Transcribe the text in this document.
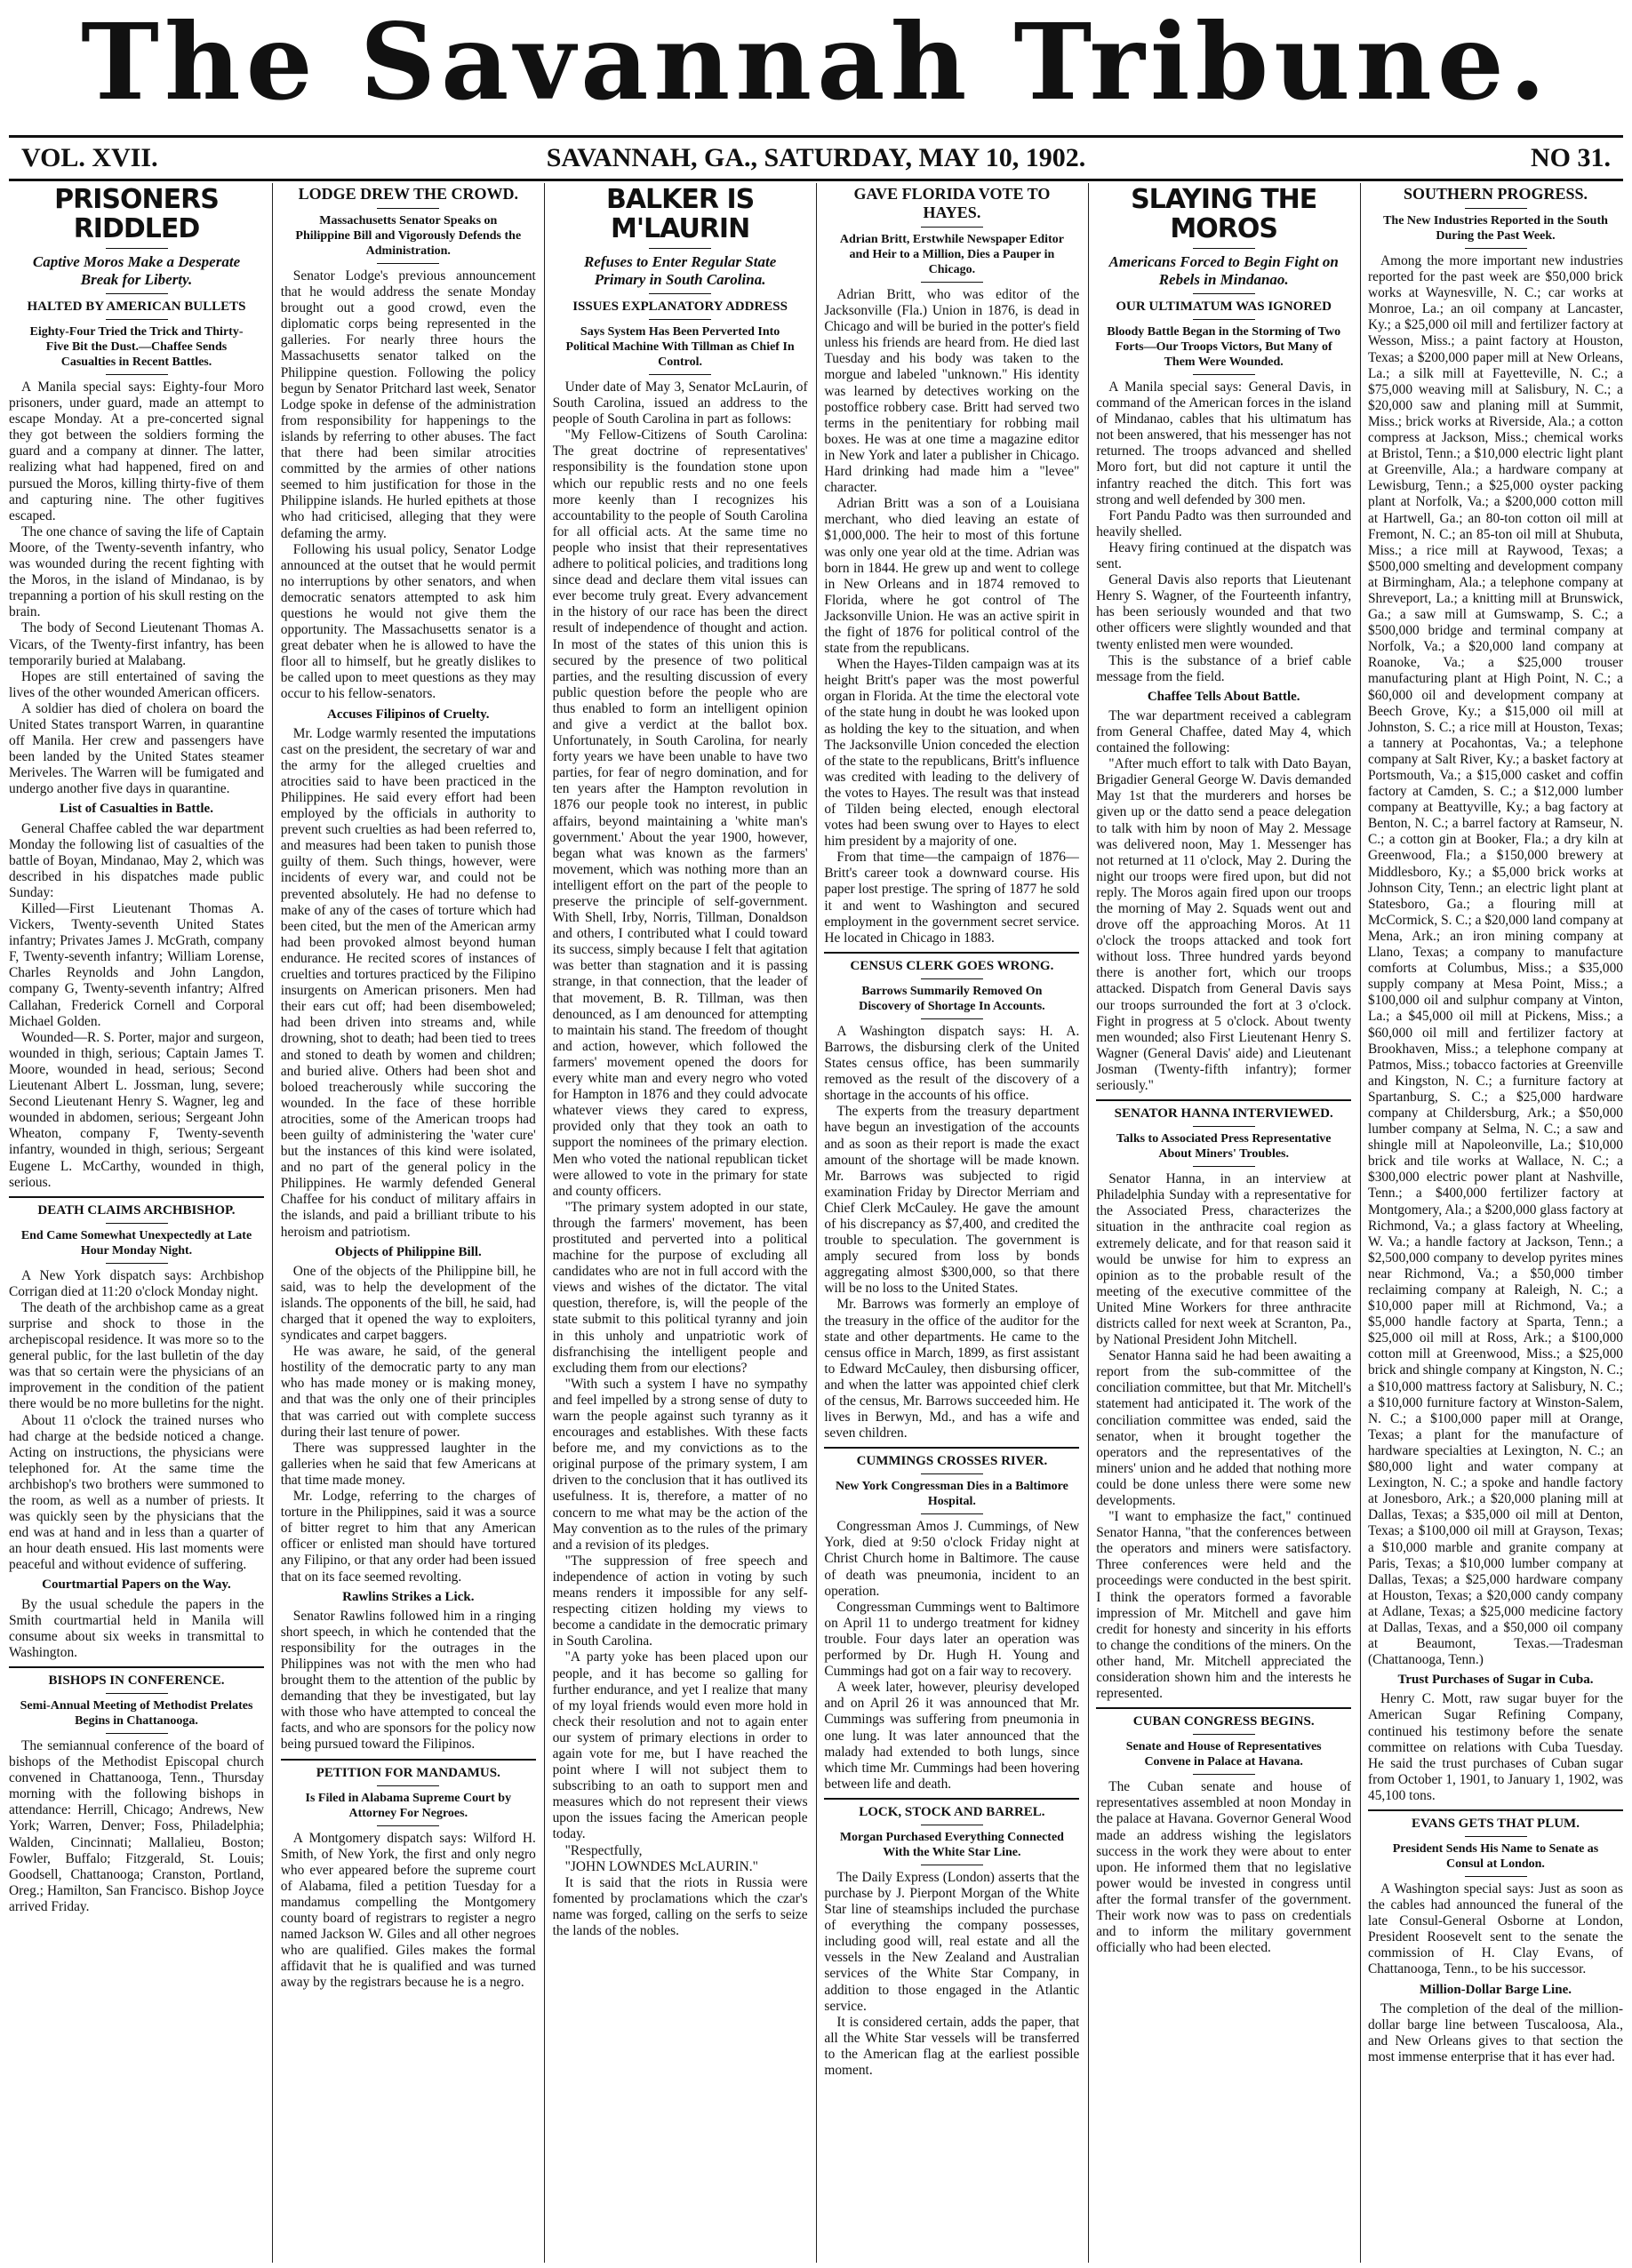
The Savannah Tribune.
VOL. XVII.	SAVANNAH, GA., SATURDAY, MAY 10, 1902.	NO 31.
PRISONERS RIDDLED
Captive Moros Make a Desperate Break for Liberty.
HALTED BY AMERICAN BULLETS
Eighty-Four Tried the Trick and Thirty-Five Bit the Dust.—Chaffee Sends Casualties in Recent Battles.

A Manila special says: Eighty-four Moro prisoners, under guard, made an attempt to escape Monday. At a pre-concerted signal they got between the soldiers forming the guard and a company at dinner. The latter, realizing what had happened, fired on and pursued the Moros, killing thirty-five of them and capturing nine. The other fugitives escaped.

The one chance of saving the life of Captain Moore, of the Twenty-seventh infantry, who was wounded during the recent fighting with the Moros, in the island of Mindanao, is by trepanning a portion of his skull resting on the brain.

The body of Second Lieutenant Thomas A. Vicars, of the Twenty-first infantry, has been temporarily buried at Malabang.

Hopes are still entertained of saving the lives of the other wounded American officers.

A soldier has died of cholera on board the United States transport Warren, in quarantine off Manila. Her crew and passengers have been landed by the United States steamer Meriveles. The Warren will be fumigated and undergo another five days in quarantine.

List of Casualties in Battle.

General Chaffee cabled the war department Monday the following list of casualties of the battle of Boyan, Mindanao, May 2, which was described in his dispatches made public Sunday:

Killed—First Lieutenant Thomas A. Vickers, Twenty-seventh United States infantry; Privates James J. McGrath, company F, Twenty-seventh infantry; William Lorense, Charles Reynolds and John Langdon, company G, Twenty-seventh infantry; Alfred Callahan, Frederick Cornell and Corporal Michael Golden.

Wounded—R. S. Porter, major and surgeon, wounded in thigh, serious; Captain James T. Moore, wounded in head, serious; Second Lieutenant Albert L. Jossman, lung, severe; Second Lieutenant Henry S. Wagner, leg and wounded in abdomen, serious; Sergeant John Wheaton, company F, Twenty-seventh infantry, wounded in thigh, serious; Sergeant Eugene L. McCarthy, wounded in thigh, serious.

DEATH CLAIMS ARCHBISHOP.
End Came Somewhat Unexpectedly at Late Hour Monday Night.

A New York dispatch says: Archbishop Corrigan died at 11:20 o'clock Monday night.

The death of the archbishop came as a great surprise and shock to those in the archepiscopal residence. It was more so to the general public, for the last bulletin of the day was that so certain were the physicians of an improvement in the condition of the patient there would be no more bulletins for the night.

About 11 o'clock the trained nurses who had charge at the bedside noticed a change. Acting on instructions, the physicians were telephoned for. At the same time the archbishop's two brothers were summoned to the room, as well as a number of priests. It was quickly seen by the physicians that the end was at hand and in less than a quarter of an hour death ensued. His last moments were peaceful and without evidence of suffering.

Courtmartial Papers on the Way.

By the usual schedule the papers in the Smith courtmartial held in Manila will consume about six weeks in transmittal to Washington.

BISHOPS IN CONFERENCE.
Semi-Annual Meeting of Methodist Prelates Begins in Chattanooga.

The semiannual conference of the board of bishops of the Methodist Episcopal church convened in Chattanooga, Tenn., Thursday morning with the following bishops in attendance: Herrill, Chicago; Andrews, New York; Warren, Denver; Foss, Philadelphia; Walden, Cincinnati; Mallalieu, Boston; Fowler, Buffalo; Fitzgerald, St. Louis; Goodsell, Chattanooga; Cranston, Portland, Oreg.; Hamilton, San Francisco. Bishop Joyce arrived Friday.

LODGE DREW THE CROWD.
Massachusetts Senator Speaks on Philippine Bill and Vigorously Defends the Administration.

Senator Lodge's previous announcement that he would address the senate Monday brought out a good crowd, even the diplomatic corps being represented in the galleries. For nearly three hours the Massachusetts senator talked on the Philippine question. Following the policy begun by Senator Pritchard last week, Senator Lodge spoke in defense of the administration from responsibility for happenings to the islands by referring to other abuses. The fact that there had been similar atrocities committed by the armies of other nations seemed to him justification for those in the Philippine islands. He hurled epithets at those who had criticised, alleging that they were defaming the army.

Following his usual policy, Senator Lodge announced at the outset that he would permit no interruptions by other senators, and when democratic senators attempted to ask him questions he would not give them the opportunity. The Massachusetts senator is a great debater when he is allowed to have the floor all to himself, but he greatly dislikes to be called upon to meet questions as they may occur to his fellow-senators.

Accuses Filipinos of Cruelty.

Mr. Lodge warmly resented the imputations cast on the president, the secretary of war and the army for the alleged cruelties and atrocities said to have been practiced in the Philippines. He said every effort had been employed by the officials in authority to prevent such cruelties as had been referred to, and measures had been taken to punish those guilty of them. Such things, however, were incidents of every war, and could not be prevented absolutely. He had no defense to make of any of the cases of torture which had been cited, but the men of the American army had been provoked almost beyond human endurance. He recited scores of instances of cruelties and tortures practiced by the Filipino insurgents on American prisoners. Men had their ears cut off; had been disemboweled; had been driven into streams and, while drowning, shot to death; had been tied to trees and stoned to death by women and children; and buried alive. Others had been shot and boloed treacherously while succoring the wounded. In the face of these horrible atrocities, some of the American troops had been guilty of administering the 'water cure' but the instances of this kind were isolated, and no part of the general policy in the Philippines. He warmly defended General Chaffee for his conduct of military affairs in the islands, and paid a brilliant tribute to his heroism and patriotism.

Objects of Philippine Bill.

One of the objects of the Philippine bill, he said, was to help the development of the islands. The opponents of the bill, he said, had charged that it opened the way to exploiters, syndicates and carpet baggers.

He was aware, he said, of the general hostility of the democratic party to any man who has made money or is making money, and that was the only one of their principles that was carried out with complete success during their last tenure of power.

There was suppressed laughter in the galleries when he said that few Americans at that time made money.

Mr. Lodge, referring to the charges of torture in the Philippines, said it was a source of bitter regret to him that any American officer or enlisted man should have tortured any Filipino, or that any order had been issued that on its face seemed revolting.

Rawlins Strikes a Lick.

Senator Rawlins followed him in a ringing short speech, in which he contended that the responsibility for the outrages in the Philippines was not with the men who had brought them to the attention of the public by demanding that they be investigated, but lay with those who have attempted to conceal the facts, and who are sponsors for the policy now being pursued toward the Filipinos.

PETITION FOR MANDAMUS.
Is Filed in Alabama Supreme Court by Attorney For Negroes.

A Montgomery dispatch says: Wilford H. Smith, of New York, the first and only negro who ever appeared before the supreme court of Alabama, filed a petition Tuesday for a mandamus compelling the Montgomery county board of registrars to register a negro named Jackson W. Giles and all other negroes who are qualified. Giles makes the formal affidavit that he is qualified and was turned away by the registrars because he is a negro.

BALKER IS M'LAURIN
Refuses to Enter Regular State Primary in South Carolina.
ISSUES EXPLANATORY ADDRESS
Says System Has Been Perverted Into Political Machine With Tillman as Chief In Control.

Under date of May 3, Senator McLaurin, of South Carolina, issued an address to the people of South Carolina in part as follows:

"My Fellow-Citizens of South Carolina: The great doctrine of representatives' responsibility is the foundation stone upon which our republic rests and no one feels more keenly than I recognizes his accountability to the people of South Carolina for all official acts. At the same time no people who insist that their representatives adhere to political policies, and traditions long since dead and declare them vital issues can ever become truly great. Every advancement in the history of our race has been the direct result of independence of thought and action. In most of the states of this union this is secured by the presence of two political parties, and the resulting discussion of every public question before the people who are thus enabled to form an intelligent opinion and give a verdict at the ballot box. Unfortunately, in South Carolina, for nearly forty years we have been unable to have two parties, for fear of negro domination, and for ten years after the Hampton revolution in 1876 our people took no interest, in public affairs, beyond maintaining a 'white man's government.' About the year 1900, however, began what was known as the farmers' movement, which was nothing more than an intelligent effort on the part of the people to preserve the principle of self-government. With Shell, Irby, Norris, Tillman, Donaldson and others, I contributed what I could toward its success, simply because I felt that agitation was better than stagnation and it is passing strange, in that connection, that the leader of that movement, B. R. Tillman, was then denounced, as I am denounced for attempting to maintain his stand. The freedom of thought and action, however, which followed the farmers' movement opened the doors for every white man and every negro who voted for Hampton in 1876 and they could advocate whatever views they cared to express, provided only that they took an oath to support the nominees of the primary election. Men who voted the national republican ticket were allowed to vote in the primary for state and county officers.

"The primary system adopted in our state, through the farmers' movement, has been prostituted and perverted into a political machine for the purpose of excluding all candidates who are not in full accord with the views and wishes of the dictator. The vital question, therefore, is, will the people of the state submit to this political tyranny and join in this unholy and unpatriotic work of disfranchising the intelligent people and excluding them from our elections?

"With such a system I have no sympathy and feel impelled by a strong sense of duty to warn the people against such tyranny as it encourages and establishes. With these facts before me, and my convictions as to the original purpose of the primary system, I am driven to the conclusion that it has outlived its usefulness. It is, therefore, a matter of no concern to me what may be the action of the May convention as to the rules of the primary and a revision of its pledges.

"The suppression of free speech and independence of action in voting by such means renders it impossible for any self-respecting citizen holding my views to become a candidate in the democratic primary in South Carolina.

"A party yoke has been placed upon our people, and it has become so galling for further endurance, and yet I realize that many of my loyal friends would even more hold in check their resolution and not to again enter our system of primary elections in order to again vote for me, but I have reached the point where I will not subject them to subscribing to an oath to support men and measures which do not represent their views upon the issues facing the American people today.

"Respectfully,

"JOHN LOWNDES McLAURIN."

It is said that the riots in Russia were fomented by proclamations which the czar's name was forged, calling on the serfs to seize the lands of the nobles.

GAVE FLORIDA VOTE TO HAYES.
Adrian Britt, Erstwhile Newspaper Editor and Heir to a Million, Dies a Pauper in Chicago.

Adrian Britt, who was editor of the Jacksonville (Fla.) Union in 1876, is dead in Chicago and will be buried in the potter's field unless his friends are heard from. He died last Tuesday and his body was taken to the morgue and labeled "unknown." His identity was learned by detectives working on the postoffice robbery case. Britt had served two terms in the penitentiary for robbing mail boxes. He was at one time a magazine editor in New York and later a publisher in Chicago. Hard drinking had made him a "levee" character.

Adrian Britt was a son of a Louisiana merchant, who died leaving an estate of $1,000,000. The heir to most of this fortune was only one year old at the time. Adrian was born in 1844. He grew up and went to college in New Orleans and in 1874 removed to Florida, where he got control of The Jacksonville Union. He was an active spirit in the fight of 1876 for political control of the state from the republicans.

When the Hayes-Tilden campaign was at its height Britt's paper was the most powerful organ in Florida. At the time the electoral vote of the state hung in doubt he was looked upon as holding the key to the situation, and when The Jacksonville Union conceded the election of the state to the republicans, Britt's influence was credited with leading to the delivery of the votes to Hayes. The result was that instead of Tilden being elected, enough electoral votes had been swung over to Hayes to elect him president by a majority of one.

From that time—the campaign of 1876—Britt's career took a downward course. His paper lost prestige. The spring of 1877 he sold it and went to Washington and secured employment in the government secret service. He located in Chicago in 1883.

CENSUS CLERK GOES WRONG.
Barrows Summarily Removed On Discovery of Shortage In Accounts.

A Washington dispatch says: H. A. Barrows, the disbursing clerk of the United States census office, has been summarily removed as the result of the discovery of a shortage in the accounts of his office.

The experts from the treasury department have begun an investigation of the accounts and as soon as their report is made the exact amount of the shortage will be made known. Mr. Barrows was subjected to rigid examination Friday by Director Merriam and Chief Clerk McCauley. He gave the amount of his discrepancy as $7,400, and credited the trouble to speculation. The government is amply secured from loss by bonds aggregating almost $300,000, so that there will be no loss to the United States.

Mr. Barrows was formerly an employe of the treasury in the office of the auditor for the state and other departments. He came to the census office in March, 1899, as first assistant to Edward McCauley, then disbursing officer, and when the latter was appointed chief clerk of the census, Mr. Barrows succeeded him. He lives in Berwyn, Md., and has a wife and seven children.

CUMMINGS CROSSES RIVER.
New York Congressman Dies in a Baltimore Hospital.

Congressman Amos J. Cummings, of New York, died at 9:50 o'clock Friday night at Christ Church home in Baltimore. The cause of death was pneumonia, incident to an operation.

Congressman Cummings went to Baltimore on April 11 to undergo treatment for kidney trouble. Four days later an operation was performed by Dr. Hugh H. Young and Cummings had got on a fair way to recovery.

A week later, however, pleurisy developed and on April 26 it was announced that Mr. Cummings was suffering from pneumonia in one lung. It was later announced that the malady had extended to both lungs, since which time Mr. Cummings had been hovering between life and death.

LOCK, STOCK AND BARREL.
Morgan Purchased Everything Connected With the White Star Line.

The Daily Express (London) asserts that the purchase by J. Pierpont Morgan of the White Star line of steamships included the purchase of everything the company possesses, including good will, real estate and all the vessels in the New Zealand and Australian services of the White Star Company, in addition to those engaged in the Atlantic service.

It is considered certain, adds the paper, that all the White Star vessels will be transferred to the American flag at the earliest possible moment.

SLAYING THE MOROS
Americans Forced to Begin Fight on Rebels in Mindanao.
OUR ULTIMATUM WAS IGNORED
Bloody Battle Began in the Storming of Two Forts—Our Troops Victors, But Many of Them Were Wounded.

A Manila special says: General Davis, in command of the American forces in the island of Mindanao, cables that his ultimatum has not been answered, that his messenger has not returned. The troops advanced and shelled Moro fort, but did not capture it until the infantry reached the ditch. This fort was strong and well defended by 300 men.

Fort Pandu Padto was then surrounded and heavily shelled.

Heavy firing continued at the dispatch was sent.

General Davis also reports that Lieutenant Henry S. Wagner, of the Fourteenth infantry, has been seriously wounded and that two other officers were slightly wounded and that twenty enlisted men were wounded.

This is the substance of a brief cable message from the field.

Chaffee Tells About Battle.

The war department received a cablegram from General Chaffee, dated May 4, which contained the following:

"After much effort to talk with Dato Bayan, Brigadier General George W. Davis demanded May 1st that the murderers and horses be given up or the datto send a peace delegation to talk with him by noon of May 2. Message was delivered noon, May 1. Messenger has not returned at 11 o'clock, May 2. During the night our troops were fired upon, but did not reply. The Moros again fired upon our troops the morning of May 2. Squads went out and drove off the approaching Moros. At 11 o'clock the troops attacked and took fort without loss. Three hundred yards beyond there is another fort, which our troops attacked. Dispatch from General Davis says our troops surrounded the fort at 3 o'clock. Fight in progress at 5 o'clock. About twenty men wounded; also First Lieutenant Henry S. Wagner (General Davis' aide) and Lieutenant Josman (Twenty-fifth infantry); former seriously."

SENATOR HANNA INTERVIEWED.
Talks to Associated Press Representative About Miners' Troubles.

Senator Hanna, in an interview at Philadelphia Sunday with a representative for the Associated Press, characterizes the situation in the anthracite coal region as extremely delicate, and for that reason said it would be unwise for him to express an opinion as to the probable result of the meeting of the executive committee of the United Mine Workers for three anthracite districts called for next week at Scranton, Pa., by National President John Mitchell.

Senator Hanna said he had been awaiting a report from the sub-committee of the conciliation committee, but that Mr. Mitchell's statement had anticipated it. The work of the conciliation committee was ended, said the senator, when it brought together the operators and the representatives of the miners' union and he added that nothing more could be done unless there were some new developments.

"I want to emphasize the fact," continued Senator Hanna, "that the conferences between the operators and miners were satisfactory. Three conferences were held and the proceedings were conducted in the best spirit. I think the operators formed a favorable impression of Mr. Mitchell and gave him credit for honesty and sincerity in his efforts to change the conditions of the miners. On the other hand, Mr. Mitchell appreciated the consideration shown him and the interests he represented.

CUBAN CONGRESS BEGINS.
Senate and House of Representatives Convene in Palace at Havana.

The Cuban senate and house of representatives assembled at noon Monday in the palace at Havana. Governor General Wood made an address wishing the legislators success in the work they were about to enter upon. He informed them that no legislative power would be invested in congress until after the formal transfer of the government. Their work now was to pass on credentials and to inform the military government officially who had been elected.

SOUTHERN PROGRESS.
The New Industries Reported in the South During the Past Week.

Among the more important new industries reported for the past week are $50,000 brick works at Waynesville, N. C.; car works at Monroe, La.; an oil company at Lancaster, Ky.; a $25,000 oil mill and fertilizer factory at Wesson, Miss.; a paint factory at Houston, Texas; a $200,000 paper mill at New Orleans, La.; a silk mill at Fayetteville, N. C.; a $75,000 weaving mill at Salisbury, N. C.; a $20,000 saw and planing mill at Summit, Miss.; brick works at Riverside, Ala.; a cotton compress at Jackson, Miss.; chemical works at Bristol, Tenn.; a $10,000 electric light plant at Greenville, Ala.; a hardware company at Lewisburg, Tenn.; a $25,000 oyster packing plant at Norfolk, Va.; a $200,000 cotton mill at Hartwell, Ga.; an 80-ton cotton oil mill at Fremont, N. C.; an 85-ton oil mill at Shubuta, Miss.; a rice mill at Raywood, Texas; a $500,000 smelting and development company at Birmingham, Ala.; a telephone company at Shreveport, La.; a knitting mill at Brunswick, Ga.; a saw mill at Gumswamp, S. C.; a $500,000 bridge and terminal company at Norfolk, Va.; a $20,000 land company at Roanoke, Va.; a $25,000 trouser manufacturing plant at High Point, N. C.; a $60,000 oil and development company at Beech Grove, Ky.; a $15,000 oil mill at Johnston, S. C.; a rice mill at Houston, Texas; a tannery at Pocahontas, Va.; a telephone company at Salt River, Ky.; a basket factory at Portsmouth, Va.; a $15,000 casket and coffin factory at Camden, S. C.; a $12,000 lumber company at Beattyville, Ky.; a bag factory at Benton, N. C.; a barrel factory at Ramseur, N. C.; a cotton gin at Booker, Fla.; a dry kiln at Greenwood, Fla.; a $150,000 brewery at Middlesboro, Ky.; a $5,000 brick works at Johnson City, Tenn.; an electric light plant at Statesboro, Ga.; a flouring mill at McCormick, S. C.; a $20,000 land company at Mena, Ark.; an iron mining company at Llano, Texas; a company to manufacture comforts at Columbus, Miss.; a $35,000 supply company at Mesa Point, Miss.; a $100,000 oil and sulphur company at Vinton, La.; a $45,000 oil mill at Pickens, Miss.; a $60,000 oil mill and fertilizer factory at Brookhaven, Miss.; a telephone company at Patmos, Miss.; tobacco factories at Greenville and Kingston, N. C.; a furniture factory at Spartanburg, S. C.; a $25,000 hardware company at Childersburg, Ark.; a $50,000 lumber company at Selma, N. C.; a saw and shingle mill at Napoleonville, La.; $10,000 brick and tile works at Wallace, N. C.; a $300,000 electric power plant at Nashville, Tenn.; a $400,000 fertilizer factory at Montgomery, Ala.; a $200,000 glass factory at Richmond, Va.; a glass factory at Wheeling, W. Va.; a handle factory at Jackson, Tenn.; a $2,500,000 company to develop pyrites mines near Richmond, Va.; a $50,000 timber reclaiming company at Raleigh, N. C.; a $10,000 paper mill at Richmond, Va.; a $5,000 handle factory at Sparta, Tenn.; a $25,000 oil mill at Ross, Ark.; a $100,000 cotton mill at Greenwood, Miss.; a $25,000 brick and shingle company at Kingston, N. C.; a $10,000 mattress factory at Salisbury, N. C.; a $10,000 furniture factory at Winston-Salem, N. C.; a $100,000 paper mill at Orange, Texas; a plant for the manufacture of hardware specialties at Lexington, N. C.; an $80,000 light and water company at Lexington, N. C.; a spoke and handle factory at Jonesboro, Ark.; a $20,000 planing mill at Dallas, Texas; a $35,000 oil mill at Denton, Texas; a $100,000 oil mill at Grayson, Texas; a $10,000 marble and granite company at Paris, Texas; a $10,000 lumber company at Dallas, Texas; a $25,000 hardware company at Houston, Texas; a $20,000 candy company at Adlane, Texas; a $25,000 medicine factory at Dallas, Texas, and a $50,000 oil company at Beaumont, Texas.—Tradesman (Chattanooga, Tenn.)

Trust Purchases of Sugar in Cuba.

Henry C. Mott, raw sugar buyer for the American Sugar Refining Company, continued his testimony before the senate committee on relations with Cuba Tuesday. He said the trust purchases of Cuban sugar from October 1, 1901, to January 1, 1902, was 45,100 tons.

EVANS GETS THAT PLUM.
President Sends His Name to Senate as Consul at London.

A Washington special says: Just as soon as the cables had announced the funeral of the late Consul-General Osborne at London, President Roosevelt sent to the senate the commission of H. Clay Evans, of Chattanooga, Tenn., to be his successor.

Million-Dollar Barge Line.

The completion of the deal of the million-dollar barge line between Tuscaloosa, Ala., and New Orleans gives to that section the most immense enterprise that it has ever had.
